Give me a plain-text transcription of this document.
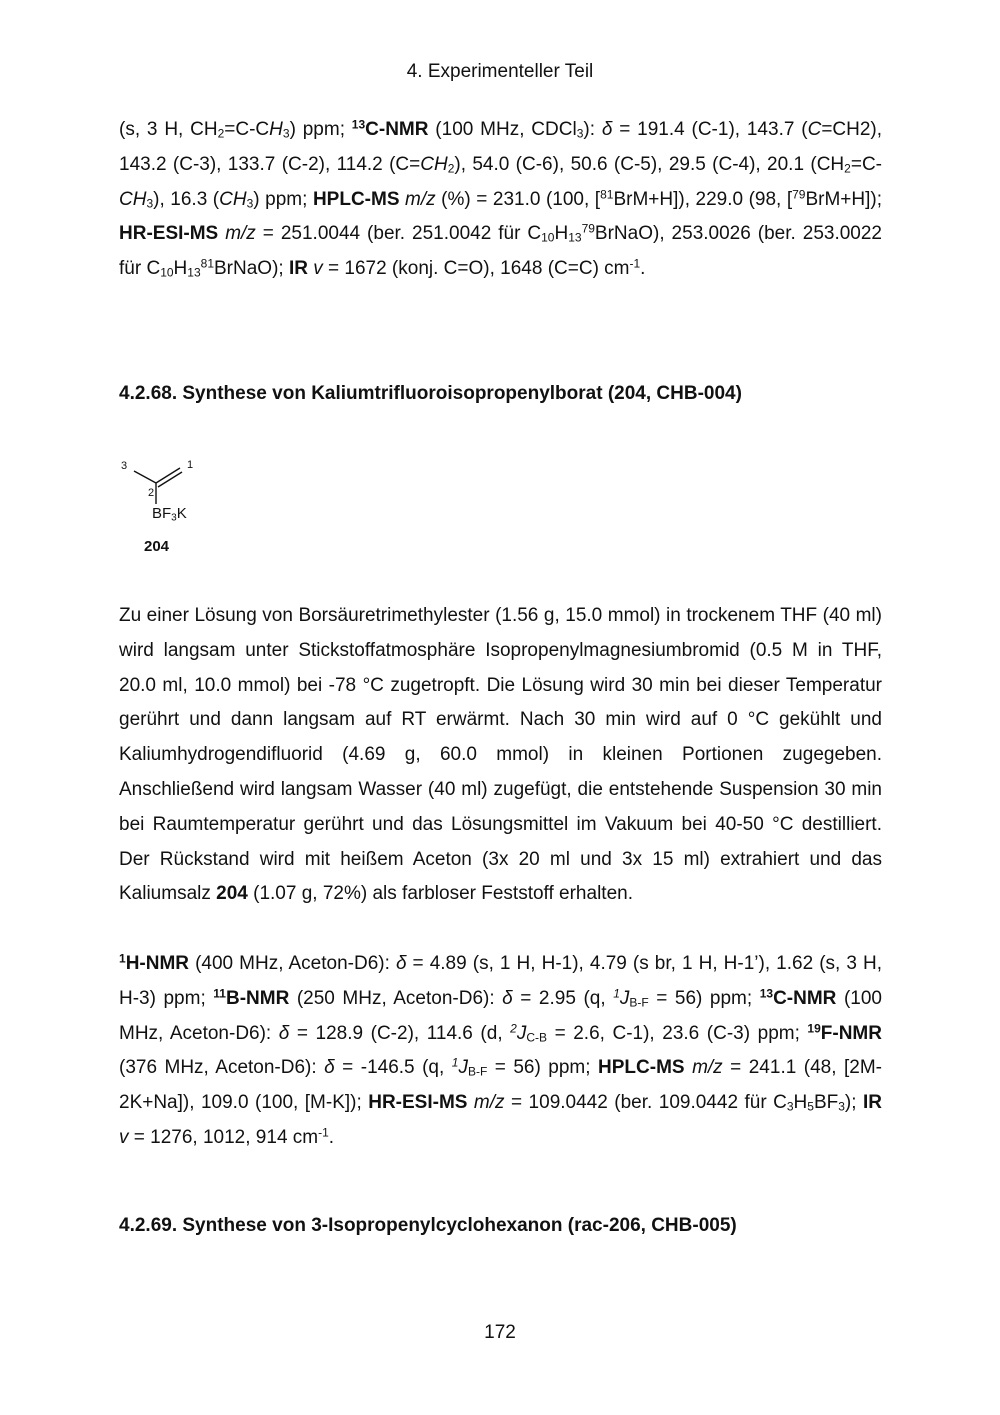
4. Experimenteller Teil

(s, 3 H, $CH_2=C-CH_3$) ppm; $^{13}$C-NMR (100 MHz, CDCl$_3$): δ = 191.4 (C-1), 143.7 (C=CH2), 143.2 (C-3), 133.7 (C-2), 114.2 $(C=CH_2)$, 54.0 (C-6), 50.6 (C-5), 29.5 (C-4), 20.1 $(CH_2=C-CH_3)$, 16.3 $(CH_3)$ ppm; HPLC-MS m/z (%) = 231.0 (100, [$^{81}$BrM+H]), 229.0 (98, [$^{79}$BrM+H]); HR-ESI-MS m/z = 251.0044 (ber. 251.0042 für $C_{10}H_{13}^{79}BrNaO$), 253.0026 (ber. 253.0022 für $C_{10}H_{13}^{81}BrNaO$); IR v = 1672 (konj. C=O), 1648 (C=C) $cm^{-1}$.

4.2.68. Synthese von Kaliumtrifluoroisopropenylborat (204, CHB-004)
3	1
2
$BF_3K$
204

Zu einer Lösung von Borsäuretrimethylester (1.56 g, 15.0 mmol) in trockenem THF (40 ml) wird langsam unter Stickstoffatmosphäre Isopropenylmagnesiumbromid (0.5 M in THF, 20.0 ml, 10.0 mmol) bei -78 °C zugetropft. Die Lösung wird 30 min bei dieser Temperatur gerührt und dann langsam auf RT erwärmt. Nach 30 min wird auf 0 °C gekühlt und Kaliumhydrogendifluorid (4.69 g, 60.0 mmol) in kleinen Portionen zugegeben. Anschließend wird langsam Wasser (40 ml) zugefügt, die entstehende Suspension 30 min bei Raumtemperatur gerührt und das Lösungsmittel im Vakuum bei 40-50 °C destilliert. Der Rückstand wird mit heißem Aceton (3x 20 ml und 3x 15 ml) extrahiert und das Kaliumsalz 204 (1.07 g, 72%) als farbloser Feststoff erhalten.

$^1$H-NMR (400 MHz, Aceton-D6): δ = 4.89 (s, 1 H, H-1), 4.79 (s br, 1 H, H-1’), 1.62 (s, 3 H, H-3) ppm; $^{11}$B-NMR (250 MHz, Aceton-D6): δ = 2.95 (q, $^1J_{B-F} = 56$) ppm; $^{13}$C-NMR (100 MHz, Aceton-D6): δ = 128.9 (C-2), 114.6 (d, $^2J_{C-B} = 2.6$, C-1), 23.6 (C-3) ppm; $^{19}$F-NMR (376 MHz, Aceton-D6): δ = -146.5 (q, $^1J_{B-F} = 56$) ppm; HPLC-MS m/z = 241.1 (48, [2M-2K+Na]), 109.0 (100, [M-K]); HR-ESI-MS m/z = 109.0442 (ber. 109.0442 für $C_3H_5BF_3$); IR v = 1276, 1012, 914 $cm^{-1}$.

4.2.69. Synthese von 3-Isopropenylcyclohexanon (rac-206, CHB-005)
172
